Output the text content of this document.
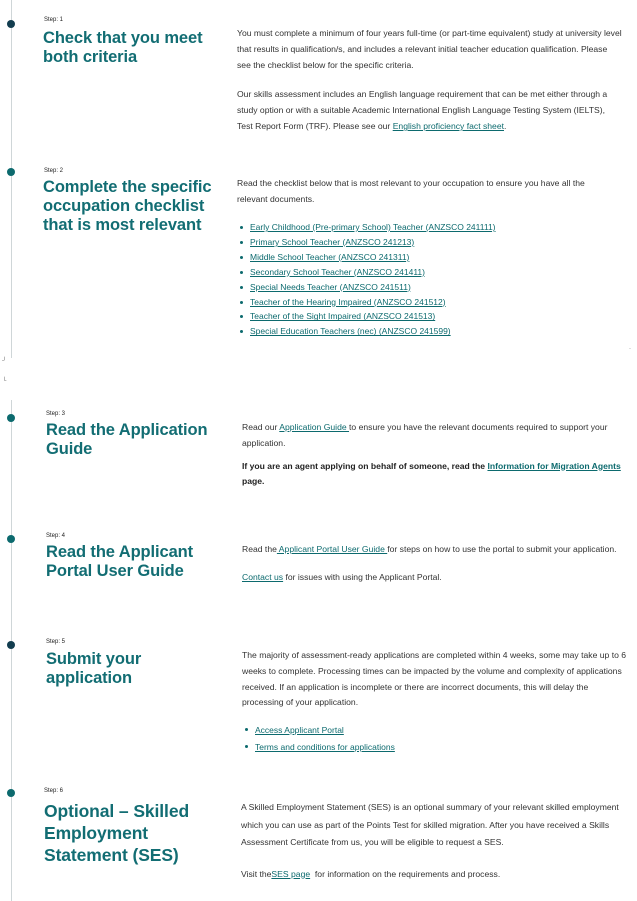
┘
└
·
Step: 1
Check that you meet both criteria

You must complete a minimum of four years full-time (or part-time equivalent) study at university level that results in qualification/s, and includes a relevant initial teacher education qualification. Please see the checklist below for the specific criteria.

Our skills assessment includes an English language requirement that can be met either through a study option or with a suitable Academic International English Language Testing System (IELTS), Test Report Form (TRF). Please see our English proficiency fact sheet.

Step: 2
Complete the specific occupation checklist that is most relevant

Read the checklist below that is most relevant to your occupation to ensure you have all the relevant documents.

Early Childhood (Pre-primary School) Teacher (ANZSCO 241111)
Primary School Teacher (ANZSCO 241213)
Middle School Teacher (ANZSCO 241311)
Secondary School Teacher (ANZSCO 241411)
Special Needs Teacher (ANZSCO 241511)
Teacher of the Hearing Impaired (ANZSCO 241512)
Teacher of the Sight Impaired (ANZSCO 241513)
Special Education Teachers (nec) (ANZSCO 241599)
Step: 3
Read the Application Guide

Read our Application Guide to ensure you have the relevant documents required to support your application.

If you are an agent applying on behalf of someone, read the Information for Migration Agents page.

Step: 4
Read the Applicant Portal User Guide

Read the Applicant Portal User Guide for steps on how to use the portal to submit your application.

Contact us for issues with using the Applicant Portal.

Step: 5
Submit your application

The majority of assessment-ready applications are completed within 4 weeks, some may take up to 6 weeks to complete. Processing times can be impacted by the volume and complexity of applications received. If an application is incomplete or there are incorrect documents, this will delay the processing of your application.

Access Applicant Portal
Terms and conditions for applications
Step: 6
Optional – Skilled Employment Statement (SES)

A Skilled Employment Statement (SES) is an optional summary of your relevant skilled employment which you can use as part of the Points Test for skilled migration. After you have received a Skills Assessment Certificate from us, you will be eligible to request a SES.

Visit theSES page  for information on the requirements and process.
